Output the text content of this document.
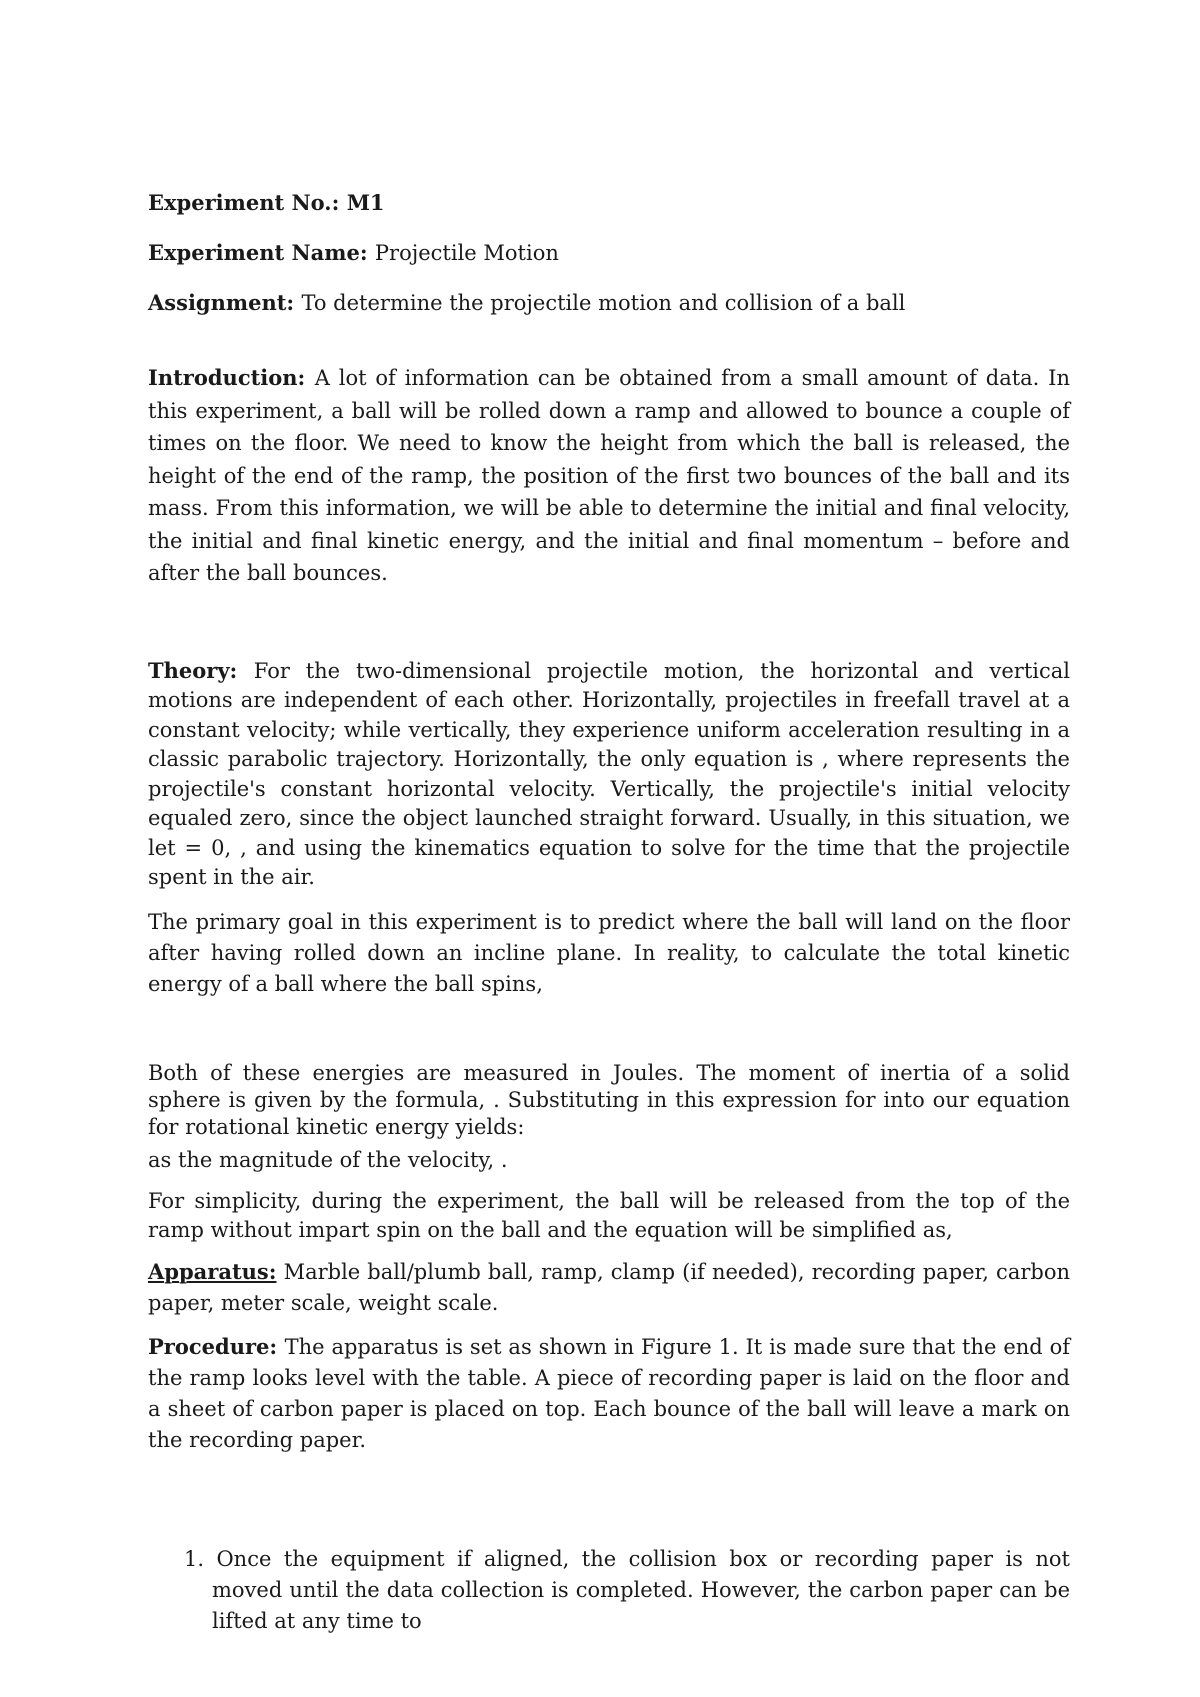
Experiment No.: M1

Experiment Name: Projectile Motion

Assignment: To determine the projectile motion and collision of a ball

Introduction: A lot of information can be obtained from a small amount of data. In this experiment, a ball will be rolled down a ramp and allowed to bounce a couple of times on the floor. We need to know the height from which the ball is released, the height of the end of the ramp, the position of the first two bounces of the ball and its mass. From this information, we will be able to determine the initial and final velocity, the initial and final kinetic energy, and the initial and final momentum – before and after the ball bounces.

Theory: For the two-dimensional projectile motion, the horizontal and vertical motions are independent of each other. Horizontally, projectiles in freefall travel at a constant velocity; while vertically, they experience uniform acceleration resulting in a classic parabolic trajectory. Horizontally, the only equation is , where represents the projectile's constant horizontal velocity. Vertically, the projectile's initial velocity equaled zero, since the object launched straight forward. Usually, in this situation, we let = 0, , and using the kinematics equation to solve for the time that the projectile spent in the air.

The primary goal in this experiment is to predict where the ball will land on the floor after having rolled down an incline plane. In reality, to calculate the total kinetic energy of a ball where the ball spins,

Both of these energies are measured in Joules. The moment of inertia of a solid sphere is given by the formula, . Substituting in this expression for into our equation for rotational kinetic energy yields:

as the magnitude of the velocity, .

For simplicity, during the experiment, the ball will be released from the top of the ramp without impart spin on the ball and the equation will be simplified as,

Apparatus: Marble ball/plumb ball, ramp, clamp (if needed), recording paper, carbon paper, meter scale, weight scale.

Procedure: The apparatus is set as shown in Figure 1. It is made sure that the end of the ramp looks level with the table. A piece of recording paper is laid on the floor and a sheet of carbon paper is placed on top. Each bounce of the ball will leave a mark on the recording paper.

1. Once the equipment if aligned, the collision box or recording paper is not moved until the data collection is completed. However, the carbon paper can be lifted at any time to
